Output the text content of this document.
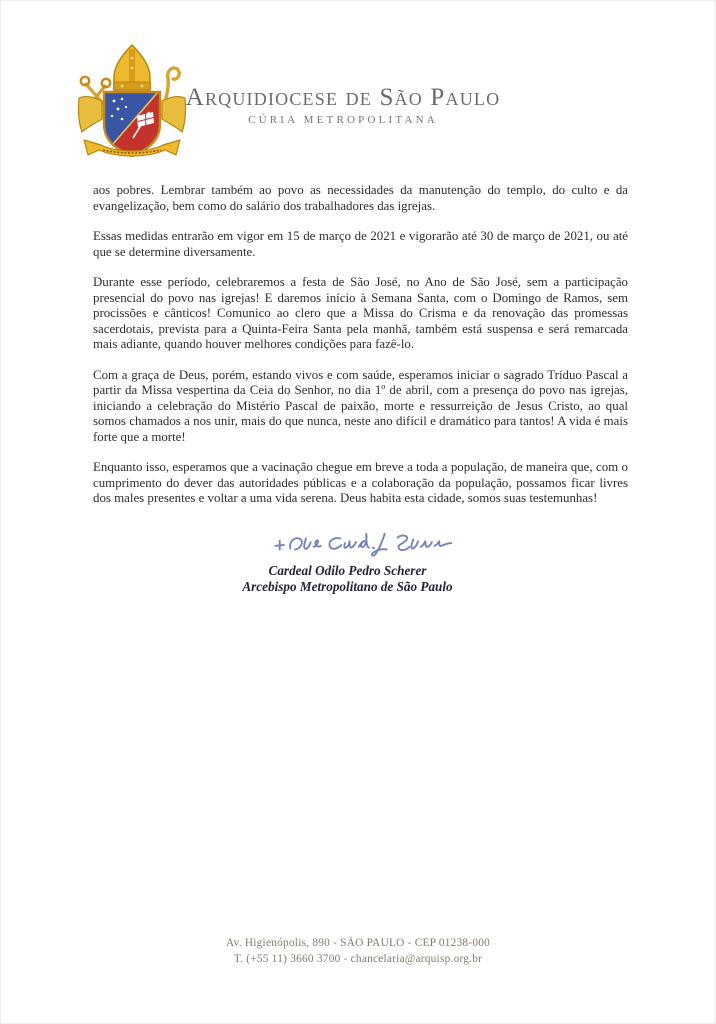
Arquidiocese de São Paulo
CÚRIA METROPOLITANA

aos pobres. Lembrar também ao povo as necessidades da manutenção do templo, do culto e da evangelização, bem como do salário dos trabalhadores das igrejas.

Essas medidas entrarão em vigor em 15 de março de 2021 e vigorarão até 30 de março de 2021, ou até que se determine diversamente.

Durante esse período, celebraremos a festa de São José, no Ano de São José, sem a participação presencial do povo nas igrejas! E daremos início à Semana Santa, com o Domingo de Ramos, sem procissões e cânticos! Comunico ao clero que a Missa do Crisma e da renovação das promessas sacerdotais, prevista para a Quinta-Feira Santa pela manhã, também está suspensa e será remarcada mais adiante, quando houver melhores condições para fazê-lo.

Com a graça de Deus, porém, estando vivos e com saúde, esperamos iniciar o sagrado Tríduo Pascal a partir da Missa vespertina da Ceia do Senhor, no dia 1º de abril, com a presença do povo nas igrejas, iniciando a celebração do Mistério Pascal de paixão, morte e ressurreição de Jesus Cristo, ao qual somos chamados a nos unir, mais do que nunca, neste ano difícil e dramático para tantos! A vida é mais forte que a morte!

Enquanto isso, esperamos que a vacinação chegue em breve a toda a população, de maneira que, com o cumprimento do dever das autoridades públicas e a colaboração da população, possamos ficar livres dos males presentes e voltar a uma vida serena. Deus habita esta cidade, somos suas testemunhas!

Cardeal Odilo Pedro Scherer
Arcebispo Metropolitano de São Paulo
Av. Higienópolis, 890 - SÃO PAULO - CEP 01238-000
T. (+55 11) 3660 3700 - chancelaria@arquisp.org.br
